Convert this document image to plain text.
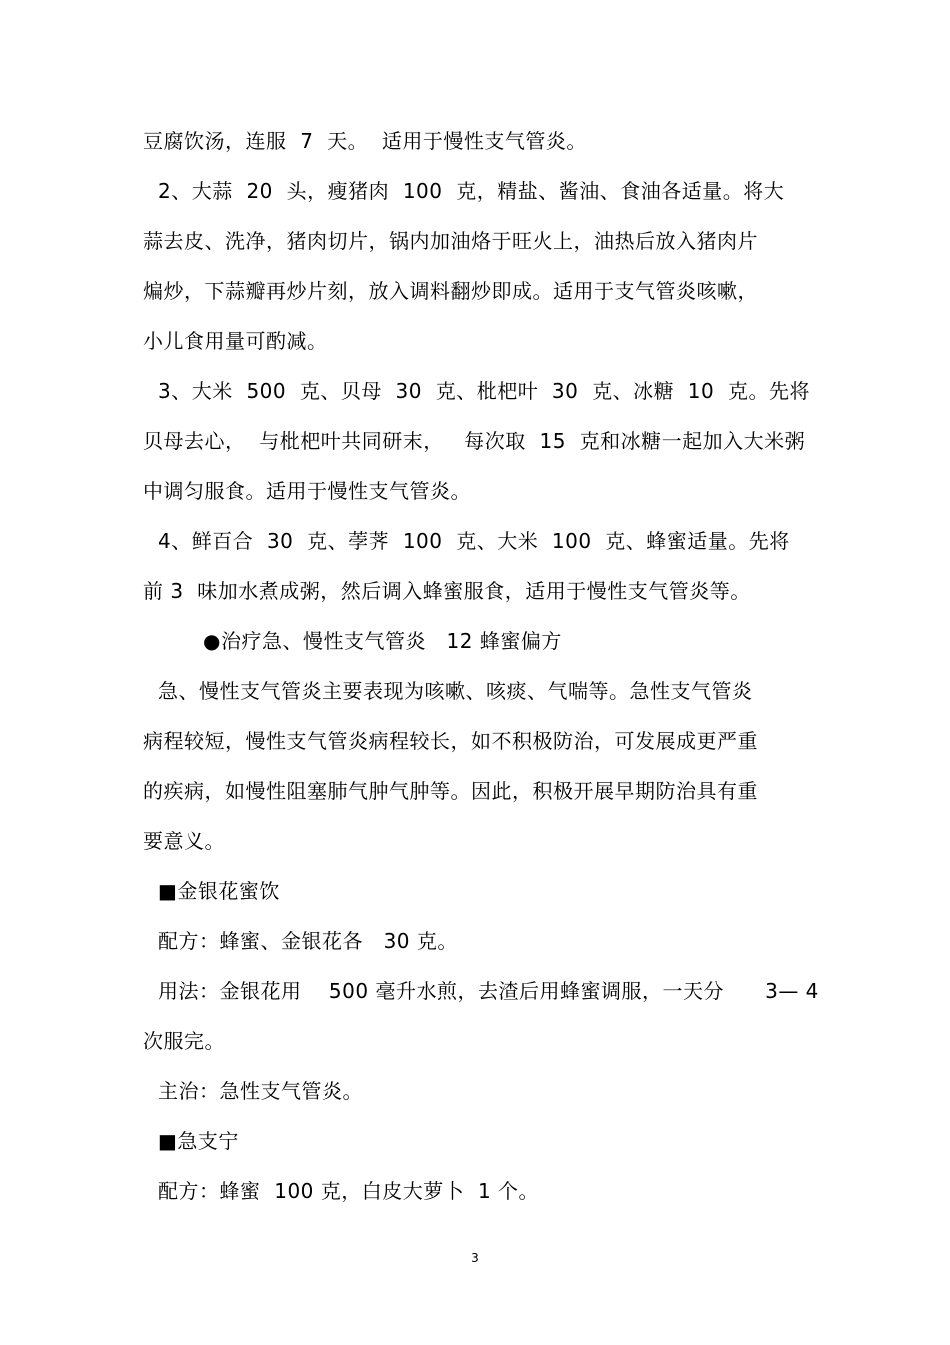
豆腐饮汤，连服  7  天。  适用于慢性支气管炎。
2、大蒜  20  头，瘦猪肉  100  克，精盐、酱油、食油各适量。将大
蒜去皮、洗净，猪肉切片，锅内加油烙于旺火上，油热后放入猪肉片
煸炒，下蒜瓣再炒片刻，放入调料翻炒即成。适用于支气管炎咳嗽，
小儿食用量可酌减。
3、大米  500  克、贝母  30  克、枇杷叶  30  克、冰糖  10  克。先将
贝母去心，  与枇杷叶共同研末，   每次取  15  克和冰糖一起加入大米粥
中调匀服食。适用于慢性支气管炎。
4、鲜百合  30  克、荸荠  100  克、大米  100  克、蜂蜜适量。先将
前 3  味加水煮成粥，然后调入蜂蜜服食，适用于慢性支气管炎等。
●治疗急、慢性支气管炎   12 蜂蜜偏方
急、慢性支气管炎主要表现为咳嗽、咳痰、气喘等。急性支气管炎
病程较短，慢性支气管炎病程较长，如不积极防治，可发展成更严重
的疾病，如慢性阻塞肺气肿气肿等。因此，积极开展早期防治具有重
要意义。
■金银花蜜饮
配方：蜂蜜、金银花各   30 克。
用法：金银花用    500 毫升水煎，去渣后用蜂蜜调服，一天分      3— 4
次服完。
主治：急性支气管炎。
■急支宁
配方：蜂蜜  100 克，白皮大萝卜  1 个。
3
